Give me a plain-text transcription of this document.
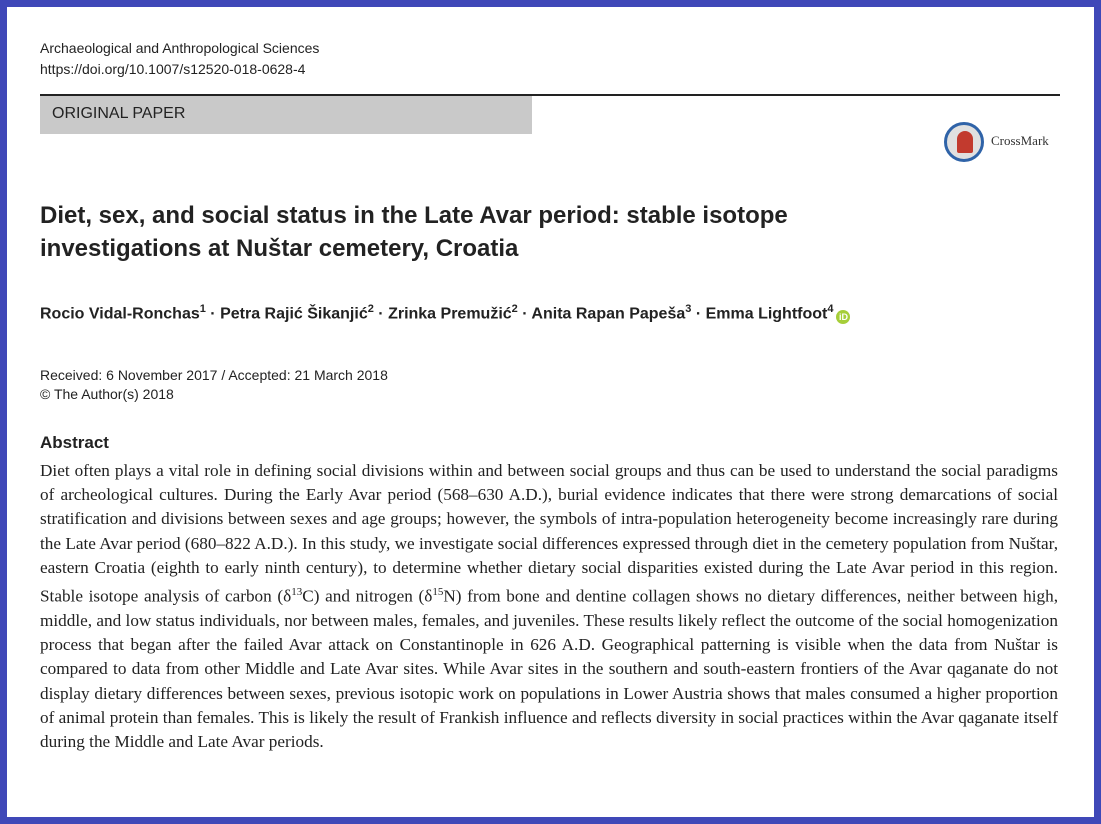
Archaeological and Anthropological Sciences
https://doi.org/10.1007/s12520-018-0628-4
ORIGINAL PAPER
CrossMark
Diet, sex, and social status in the Late Avar period: stable isotope
investigations at Nuštar cemetery, Croatia
Rocio Vidal-Ronchas$^1$ · Petra Rajić Šikanjić$^2$ · Zrinka Premužić$^2$ · Anita Rapan Papeša$^3$ · Emma Lightfoot$^4$iD
Received: 6 November 2017 / Accepted: 21 March 2018
© The Author(s) 2018
Abstract
Diet often plays a vital role in defining social divisions within and between social groups and thus can be used to understand the social paradigms of archeological cultures. During the Early Avar period (568–630 A.D.), burial evidence indicates that there were strong demarcations of social stratification and divisions between sexes and age groups; however, the symbols of intra-population heterogeneity become increasingly rare during the Late Avar period (680–822 A.D.). In this study, we investigate social differences expressed through diet in the cemetery population from Nuštar, eastern Croatia (eighth to early ninth century), to determine whether dietary social disparities existed during the Late Avar period in this region. Stable isotope analysis of carbon $(\delta^{13}C)$ and nitrogen $(\delta^{15}N)$ from bone and dentine collagen shows no dietary differences, neither between high, middle, and low status individuals, nor between males, females, and juveniles. These results likely reflect the outcome of the social homogenization process that began after the failed Avar attack on Constantinople in 626 A.D. Geographical patterning is visible when the data from Nuštar is compared to data from other Middle and Late Avar sites. While Avar sites in the southern and south-eastern frontiers of the Avar qaganate do not display dietary differences between sexes, previous isotopic work on populations in Lower Austria shows that males consumed a higher proportion of animal protein than females. This is likely the result of Frankish influence and reflects diversity in social practices within the Avar qaganate itself during the Middle and Late Avar periods.
